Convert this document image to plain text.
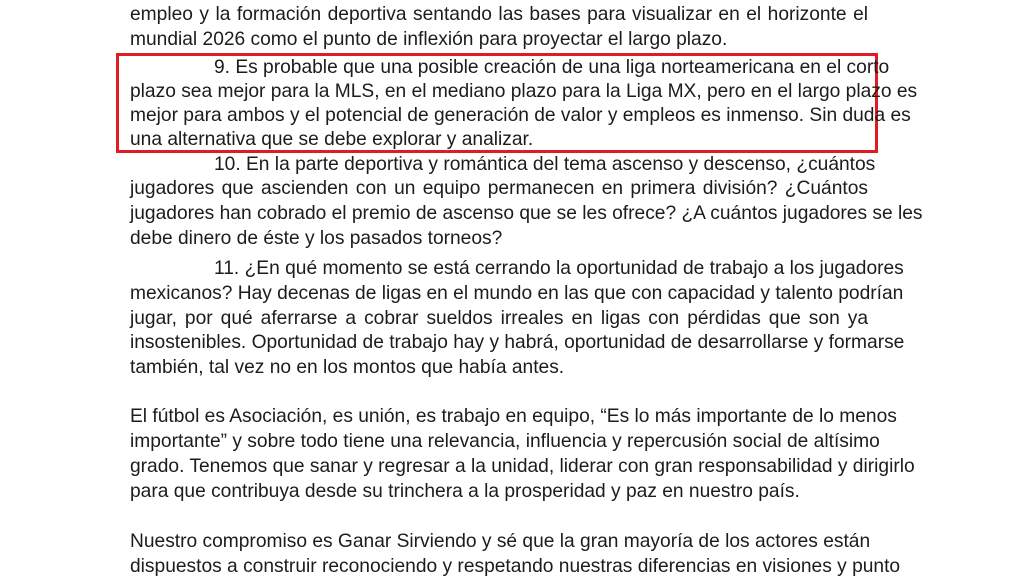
empleo y la formación deportiva sentando las bases para visualizar en el horizonte el
mundial 2026 como el punto de inflexión para proyectar el largo plazo.
9. Es probable que una posible creación de una liga norteamericana en el corto
plazo sea mejor para la MLS, en el mediano plazo para la Liga MX, pero en el largo plazo es
mejor para ambos y el potencial de generación de valor y empleos es inmenso. Sin duda es
una alternativa que se debe explorar y analizar.
10. En la parte deportiva y romántica del tema ascenso y descenso, ¿cuántos
jugadores que ascienden con un equipo permanecen en primera división? ¿Cuántos
jugadores han cobrado el premio de ascenso que se les ofrece? ¿A cuántos jugadores se les
debe dinero de éste y los pasados torneos?
11. ¿En qué momento se está cerrando la oportunidad de trabajo a los jugadores
mexicanos? Hay decenas de ligas en el mundo en las que con capacidad y talento podrían
jugar, por qué aferrarse a cobrar sueldos irreales en ligas con pérdidas que son ya
insostenibles. Oportunidad de trabajo hay y habrá, oportunidad de desarrollarse y formarse
también, tal vez no en los montos que había antes.
El fútbol es Asociación, es unión, es trabajo en equipo, “Es lo más importante de lo menos
importante” y sobre todo tiene una relevancia, influencia y repercusión social de altísimo
grado. Tenemos que sanar y regresar a la unidad, liderar con gran responsabilidad y dirigirlo
para que contribuya desde su trinchera a la prosperidad y paz en nuestro país.
Nuestro compromiso es Ganar Sirviendo y sé que la gran mayoría de los actores están
dispuestos a construir reconociendo y respetando nuestras diferencias en visiones y punto
